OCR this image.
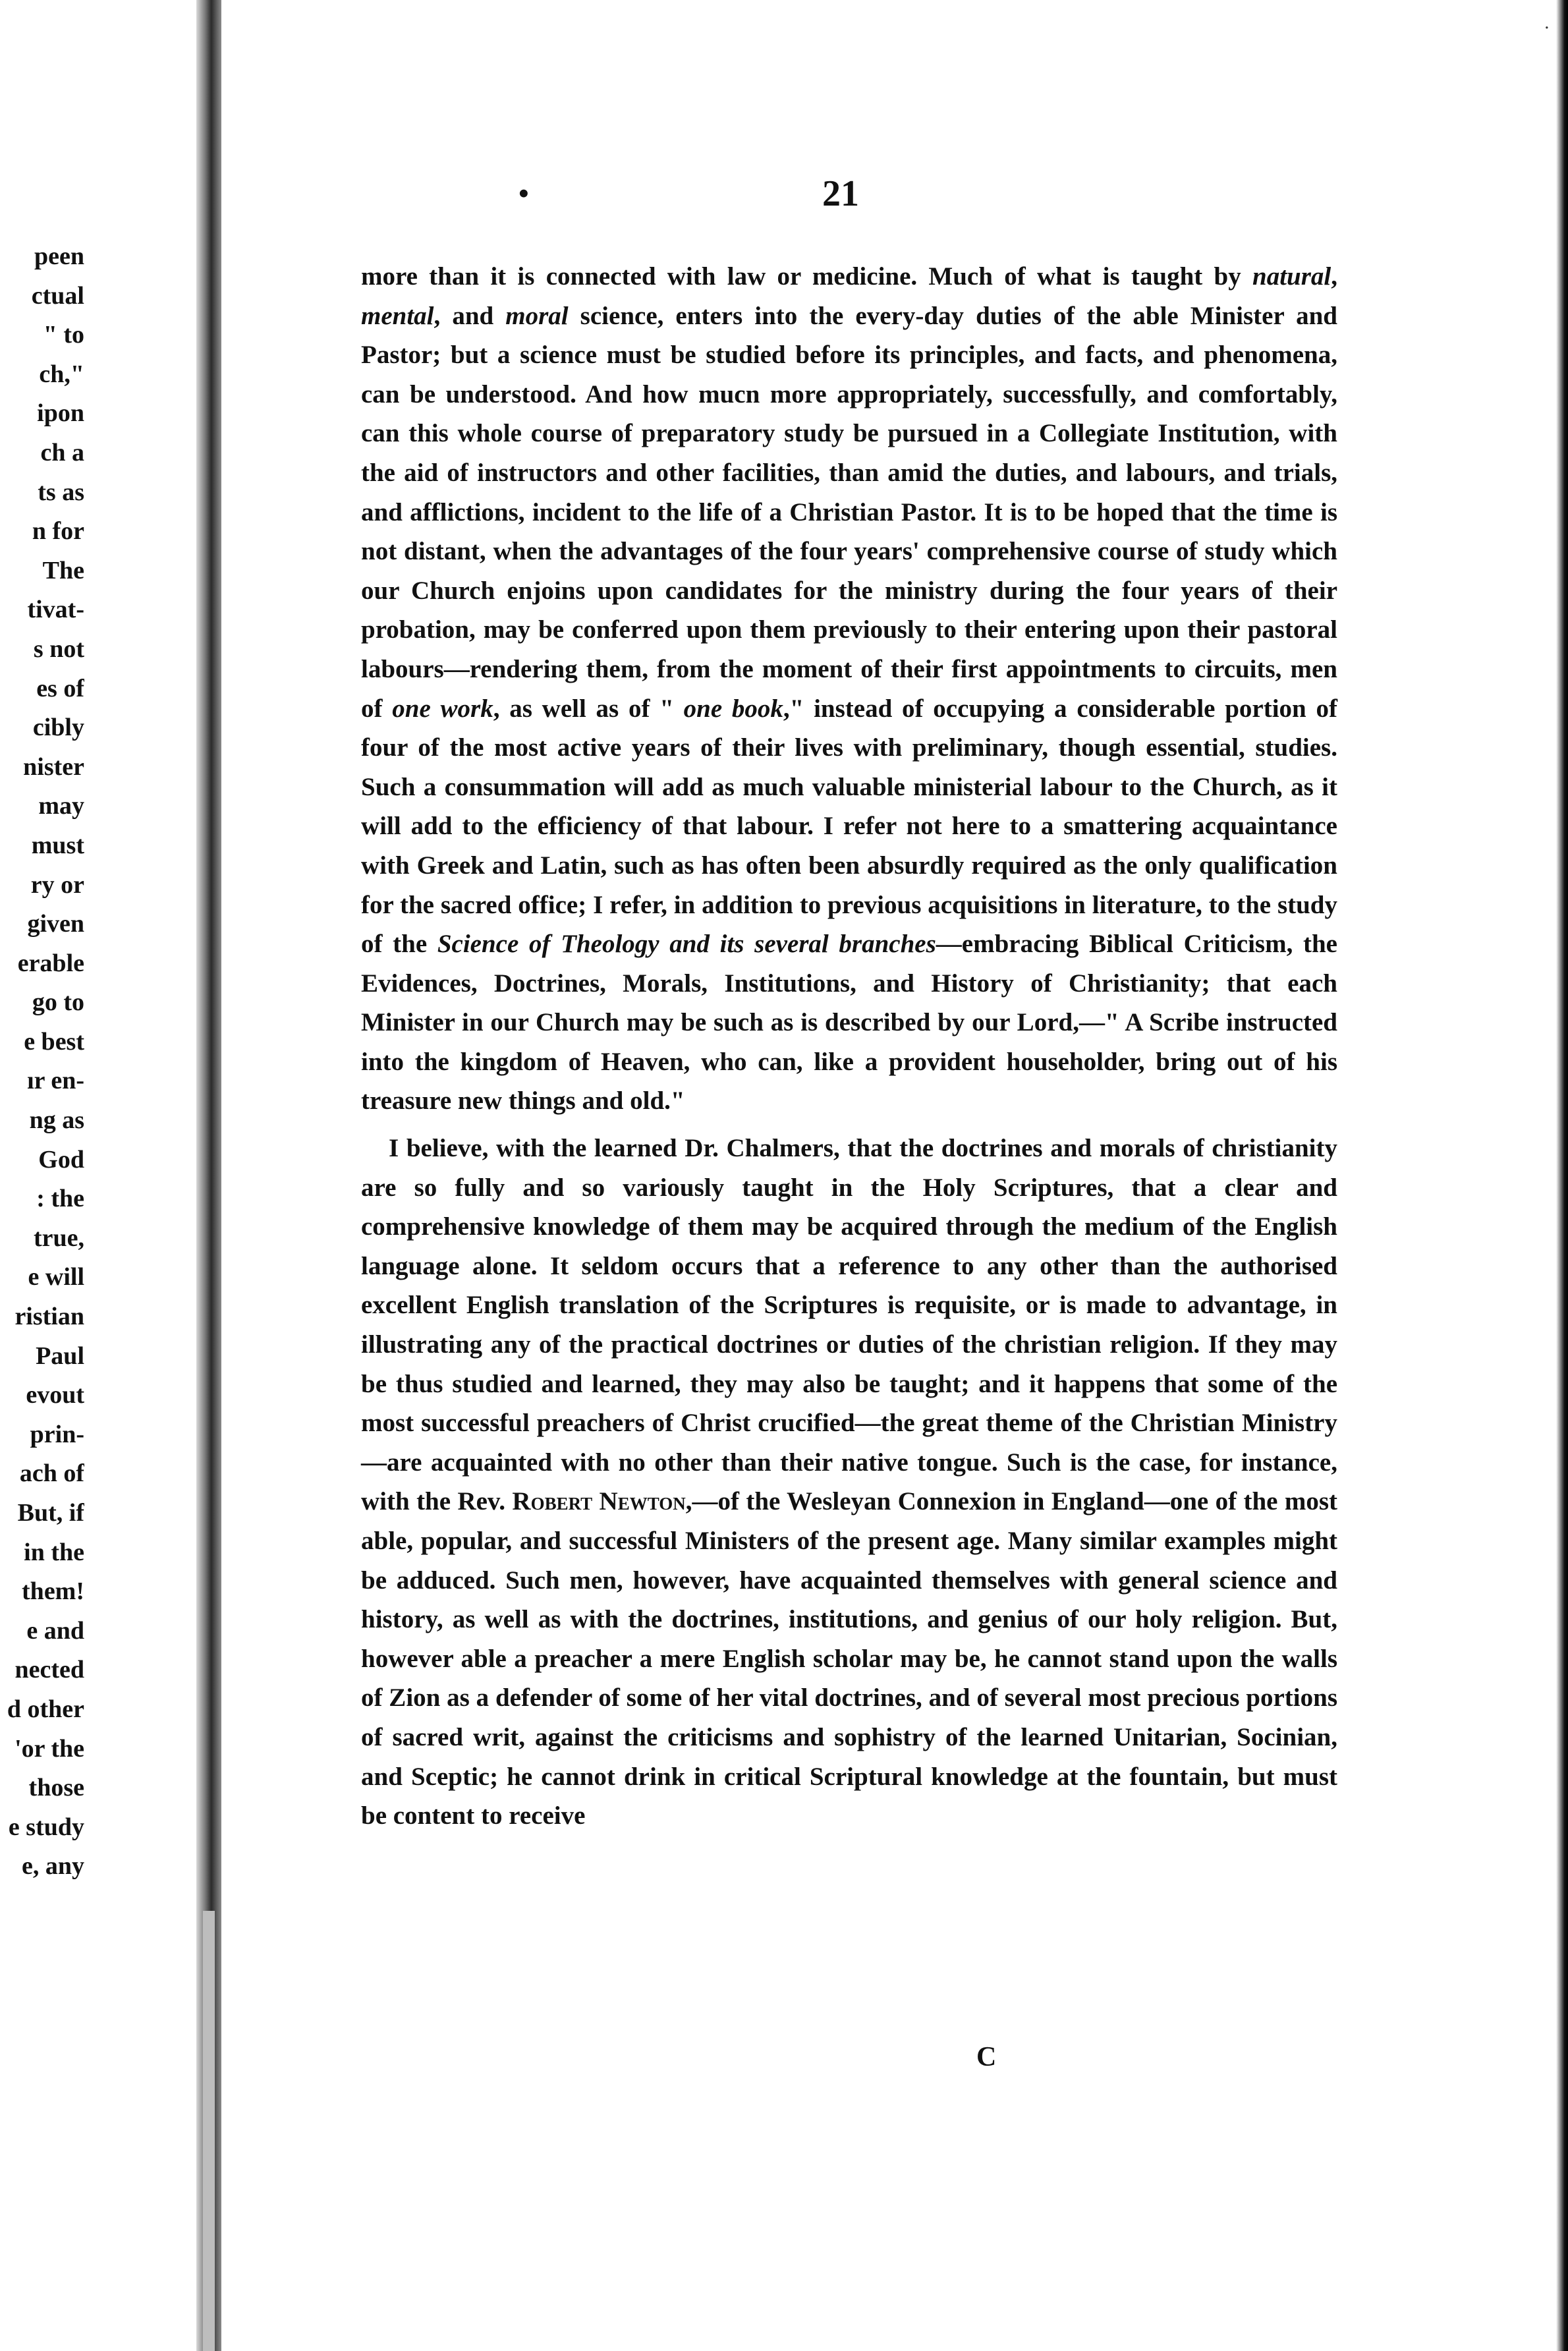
·
peen
ctual
" to
ch,"
ipon
ch a
ts as
n for
The
tivat-
s not
es of
cibly
nister
may
must
ry or
given
erable
go to
e best
ır en-
ng as
God
: the
true,
e will
ristian
Paul
evout
prin-
ach of
But, if
in the
them!
e and
nected
d other
'or the
those
e study
e, any
•	21

more than it is connected with law or medicine. Much of what is taught by natural, mental, and moral science, enters into the every-day duties of the able Minister and Pastor; but a science must be studied before its principles, and facts, and phenomena, can be understood. And how mucn more appropriately, successfully, and comfortably, can this whole course of preparatory study be pursued in a Collegiate Institution, with the aid of instructors and other facilities, than amid the duties, and labours, and trials, and afflictions, incident to the life of a Christian Pastor. It is to be hoped that the time is not distant, when the advantages of the four years' comprehensive course of study which our Church enjoins upon candidates for the ministry during the four years of their probation, may be conferred upon them previously to their entering upon their pastoral labours—rendering them, from the moment of their first appointments to circuits, men of one work, as well as of " one book," instead of occupying a considerable portion of four of the most active years of their lives with preliminary, though essential, studies. Such a consummation will add as much valuable ministerial labour to the Church, as it will add to the efficiency of that labour. I refer not here to a smattering acquaintance with Greek and Latin, such as has often been absurdly required as the only qualification for the sacred office; I refer, in addition to previous acquisitions in literature, to the study of the Science of Theology and its several branches—embracing Biblical Criticism, the Evidences, Doctrines, Morals, Institutions, and History of Christianity; that each Minister in our Church may be such as is described by our Lord,—" A Scribe instructed into the kingdom of Heaven, who can, like a provident householder, bring out of his treasure new things and old."

I believe, with the learned Dr. Chalmers, that the doctrines and morals of christianity are so fully and so variously taught in the Holy Scriptures, that a clear and comprehensive knowledge of them may be acquired through the medium of the English language alone. It seldom occurs that a reference to any other than the authorised excellent English translation of the Scriptures is requisite, or is made to advantage, in illustrating any of the practical doctrines or duties of the christian religion. If they may be thus studied and learned, they may also be taught; and it happens that some of the most successful preachers of Christ crucified—the great theme of the Christian Ministry—are acquainted with no other than their native tongue. Such is the case, for instance, with the Rev. Robert Newton,—of the Wesleyan Connexion in England—one of the most able, popular, and successful Ministers of the present age. Many similar examples might be adduced. Such men, however, have acquainted themselves with general science and history, as well as with the doctrines, institutions, and genius of our holy religion. But, however able a preacher a mere English scholar may be, he cannot stand upon the walls of Zion as a defender of some of her vital doctrines, and of several most precious portions of sacred writ, against the criticisms and sophistry of the learned Unitarian, Socinian, and Sceptic; he cannot drink in critical Scriptural knowledge at the fountain, but must be content to receive

C
